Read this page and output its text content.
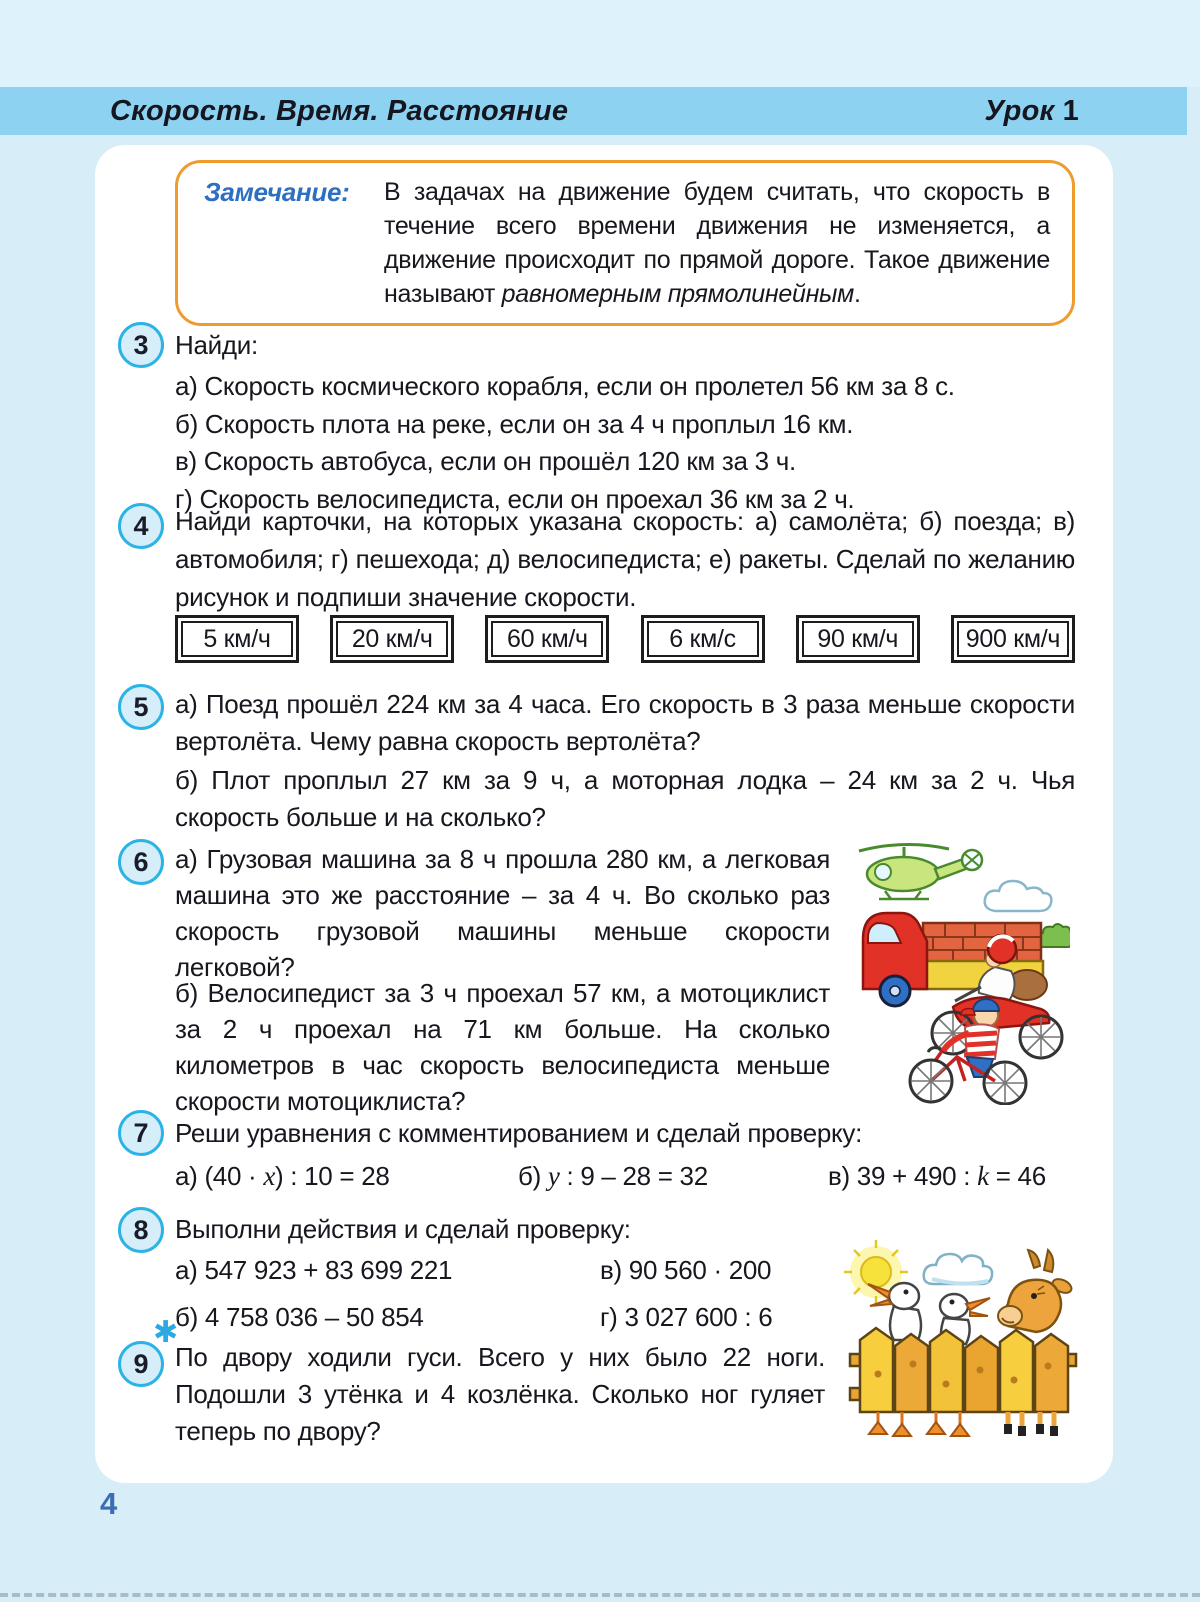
Скорость. Время. Расстояние	Урок 1
Замечание:	В задачах на движение будем считать, что скорость в течение всего времени движения не изменяется, а движение происходит по прямой дороге. Такое движение называют равномерным прямолинейным.
3	Найди:
а) Скорость космического корабля, если он пролетел 56 км за 8 с.
б) Скорость плота на реке, если он за 4 ч проплыл 16 км.
в) Скорость автобуса, если он прошёл 120 км за 3 ч.
г) Скорость велосипедиста, если он проехал 36 км за 2 ч.
4	Найди карточки, на которых указана скорость: а) самолёта; б) поезда; в) автомобиля; г) пешехода; д) велосипедиста; е) ракеты. Сделай по желанию рисунок и подпиши значение скорости.
5 км/ч	20 км/ч	60 км/ч	6 км/с	90 км/ч	900 км/ч
5	а) Поезд прошёл 224 км за 4 часа. Его скорость в 3 раза меньше скорости вертолёта. Чему равна скорость вертолёта?
б) Плот проплыл 27 км за 9 ч, а моторная лодка – 24 км за 2 ч. Чья скорость больше и на сколько?
6	а) Грузовая машина за 8 ч прошла 280 км, а легковая машина это же расстояние – за 4 ч. Во сколько раз скорость грузовой машины меньше скорости легковой?
б) Велосипедист за 3 ч проехал 57 км, а мотоциклист за 2 ч проехал на 71 км больше. На сколько километров в час скорость велосипедиста меньше скорости мотоциклиста?
7	Реши уравнения с комментированием и сделай проверку:
а) (40 · x) : 10 = 28	б) y : 9 – 28 = 32	в) 39 + 490 : k = 46
8	Выполни действия и сделай проверку:
а) 547 923 + 83 699 221	в) 90 560 · 200
б) 4 758 036 – 50 854	г) 3 027 600 : 6
9
✱
По двору ходили гуси. Всего у них было 22 ноги. Подошли 3 утёнка и 4 козлёнка. Сколько ног гуляет теперь по двору?
4
